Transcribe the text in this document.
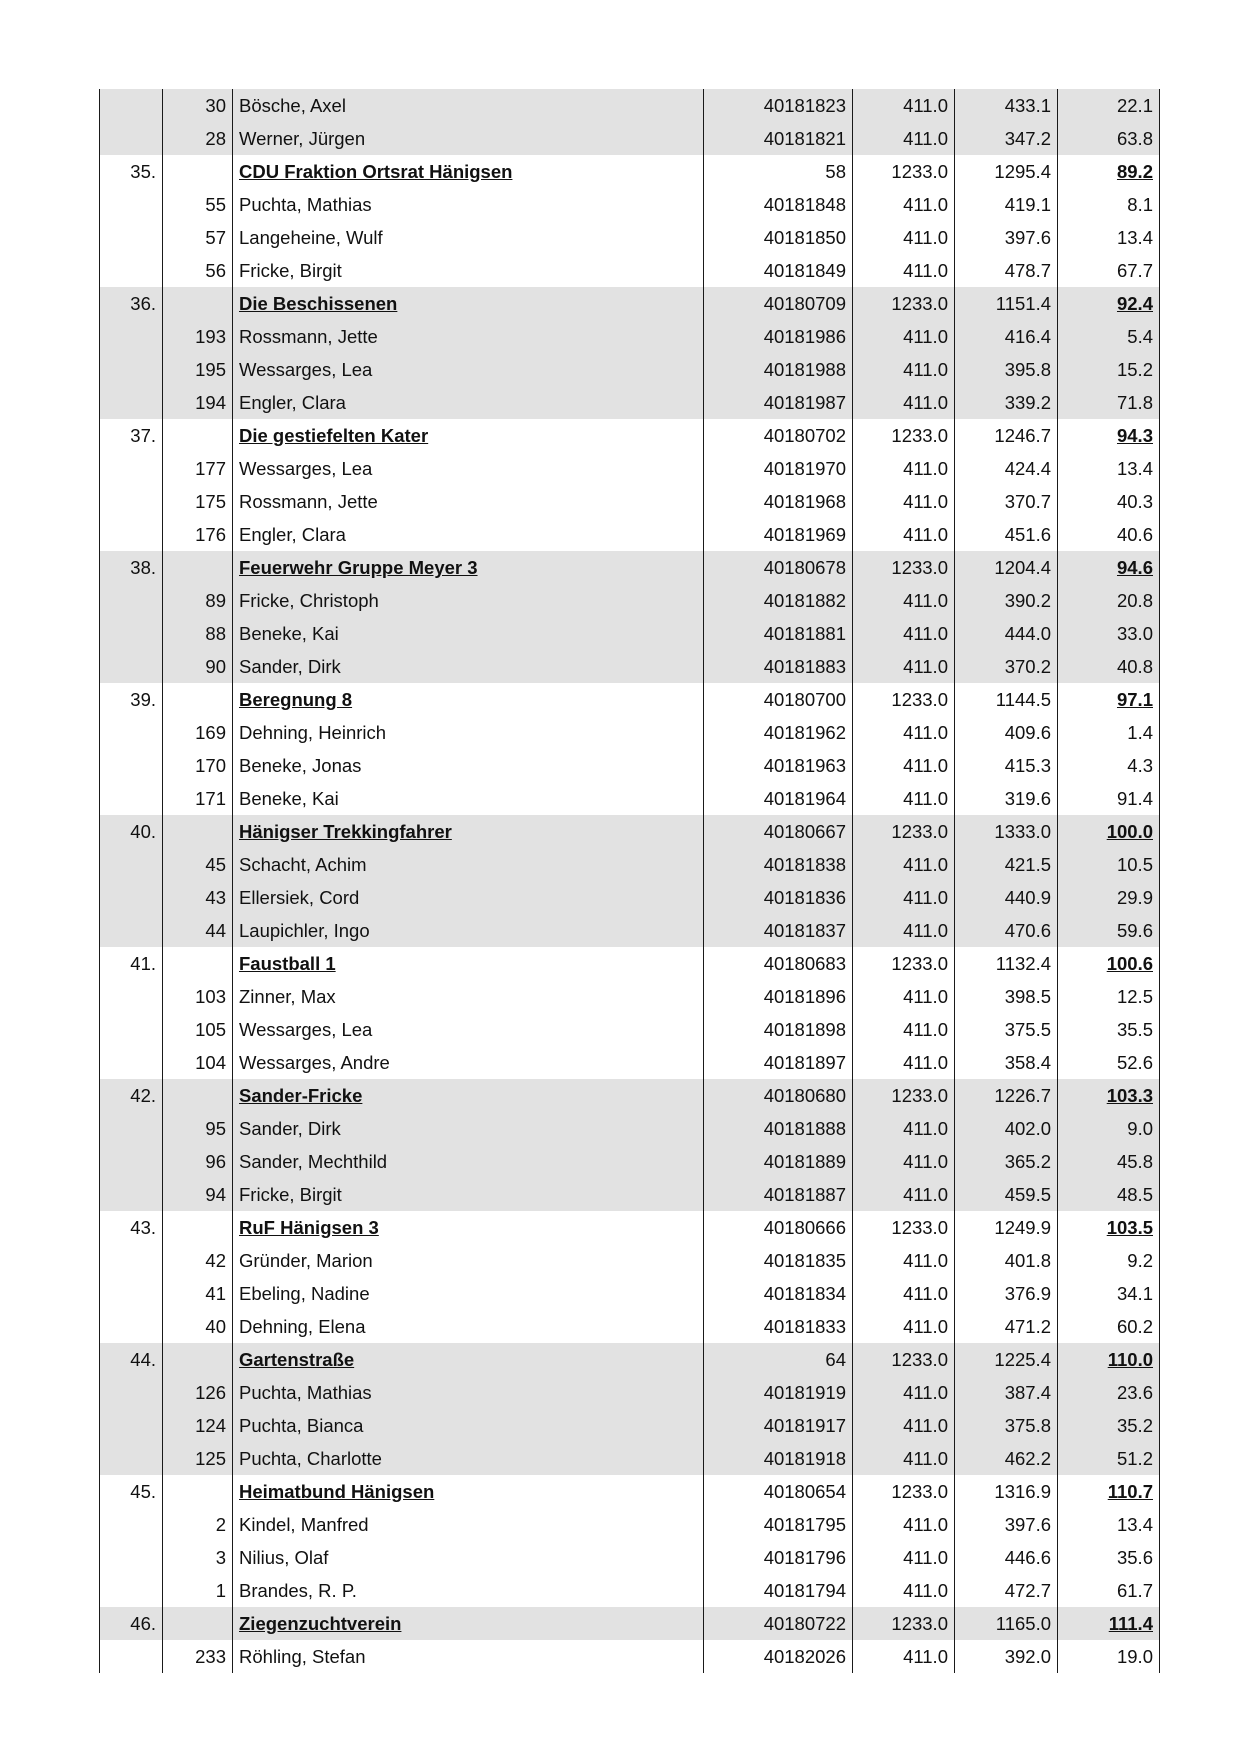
	30	Bösche, Axel	40181823	411.0	433.1	22.1
	28	Werner, Jürgen	40181821	411.0	347.2	63.8
35.		CDU Fraktion Ortsrat Hänigsen	58	1233.0	1295.4	89.2
	55	Puchta, Mathias	40181848	411.0	419.1	8.1
	57	Langeheine, Wulf	40181850	411.0	397.6	13.4
	56	Fricke, Birgit	40181849	411.0	478.7	67.7
36.		Die Beschissenen	40180709	1233.0	1151.4	92.4
	193	Rossmann, Jette	40181986	411.0	416.4	5.4
	195	Wessarges, Lea	40181988	411.0	395.8	15.2
	194	Engler, Clara	40181987	411.0	339.2	71.8
37.		Die gestiefelten Kater	40180702	1233.0	1246.7	94.3
	177	Wessarges, Lea	40181970	411.0	424.4	13.4
	175	Rossmann, Jette	40181968	411.0	370.7	40.3
	176	Engler, Clara	40181969	411.0	451.6	40.6
38.		Feuerwehr Gruppe Meyer 3	40180678	1233.0	1204.4	94.6
	89	Fricke, Christoph	40181882	411.0	390.2	20.8
	88	Beneke, Kai	40181881	411.0	444.0	33.0
	90	Sander, Dirk	40181883	411.0	370.2	40.8
39.		Beregnung 8	40180700	1233.0	1144.5	97.1
	169	Dehning, Heinrich	40181962	411.0	409.6	1.4
	170	Beneke, Jonas	40181963	411.0	415.3	4.3
	171	Beneke, Kai	40181964	411.0	319.6	91.4
40.		Hänigser Trekkingfahrer	40180667	1233.0	1333.0	100.0
	45	Schacht, Achim	40181838	411.0	421.5	10.5
	43	Ellersiek, Cord	40181836	411.0	440.9	29.9
	44	Laupichler, Ingo	40181837	411.0	470.6	59.6
41.		Faustball 1	40180683	1233.0	1132.4	100.6
	103	Zinner, Max	40181896	411.0	398.5	12.5
	105	Wessarges, Lea	40181898	411.0	375.5	35.5
	104	Wessarges, Andre	40181897	411.0	358.4	52.6
42.		Sander-Fricke	40180680	1233.0	1226.7	103.3
	95	Sander, Dirk	40181888	411.0	402.0	9.0
	96	Sander, Mechthild	40181889	411.0	365.2	45.8
	94	Fricke, Birgit	40181887	411.0	459.5	48.5
43.		RuF Hänigsen 3	40180666	1233.0	1249.9	103.5
	42	Gründer, Marion	40181835	411.0	401.8	9.2
	41	Ebeling, Nadine	40181834	411.0	376.9	34.1
	40	Dehning, Elena	40181833	411.0	471.2	60.2
44.		Gartenstraße	64	1233.0	1225.4	110.0
	126	Puchta, Mathias	40181919	411.0	387.4	23.6
	124	Puchta, Bianca	40181917	411.0	375.8	35.2
	125	Puchta, Charlotte	40181918	411.0	462.2	51.2
45.		Heimatbund Hänigsen	40180654	1233.0	1316.9	110.7
	2	Kindel, Manfred	40181795	411.0	397.6	13.4
	3	Nilius, Olaf	40181796	411.0	446.6	35.6
	1	Brandes, R. P.	40181794	411.0	472.7	61.7
46.		Ziegenzuchtverein	40180722	1233.0	1165.0	111.4
	233	Röhling, Stefan	40182026	411.0	392.0	19.0
